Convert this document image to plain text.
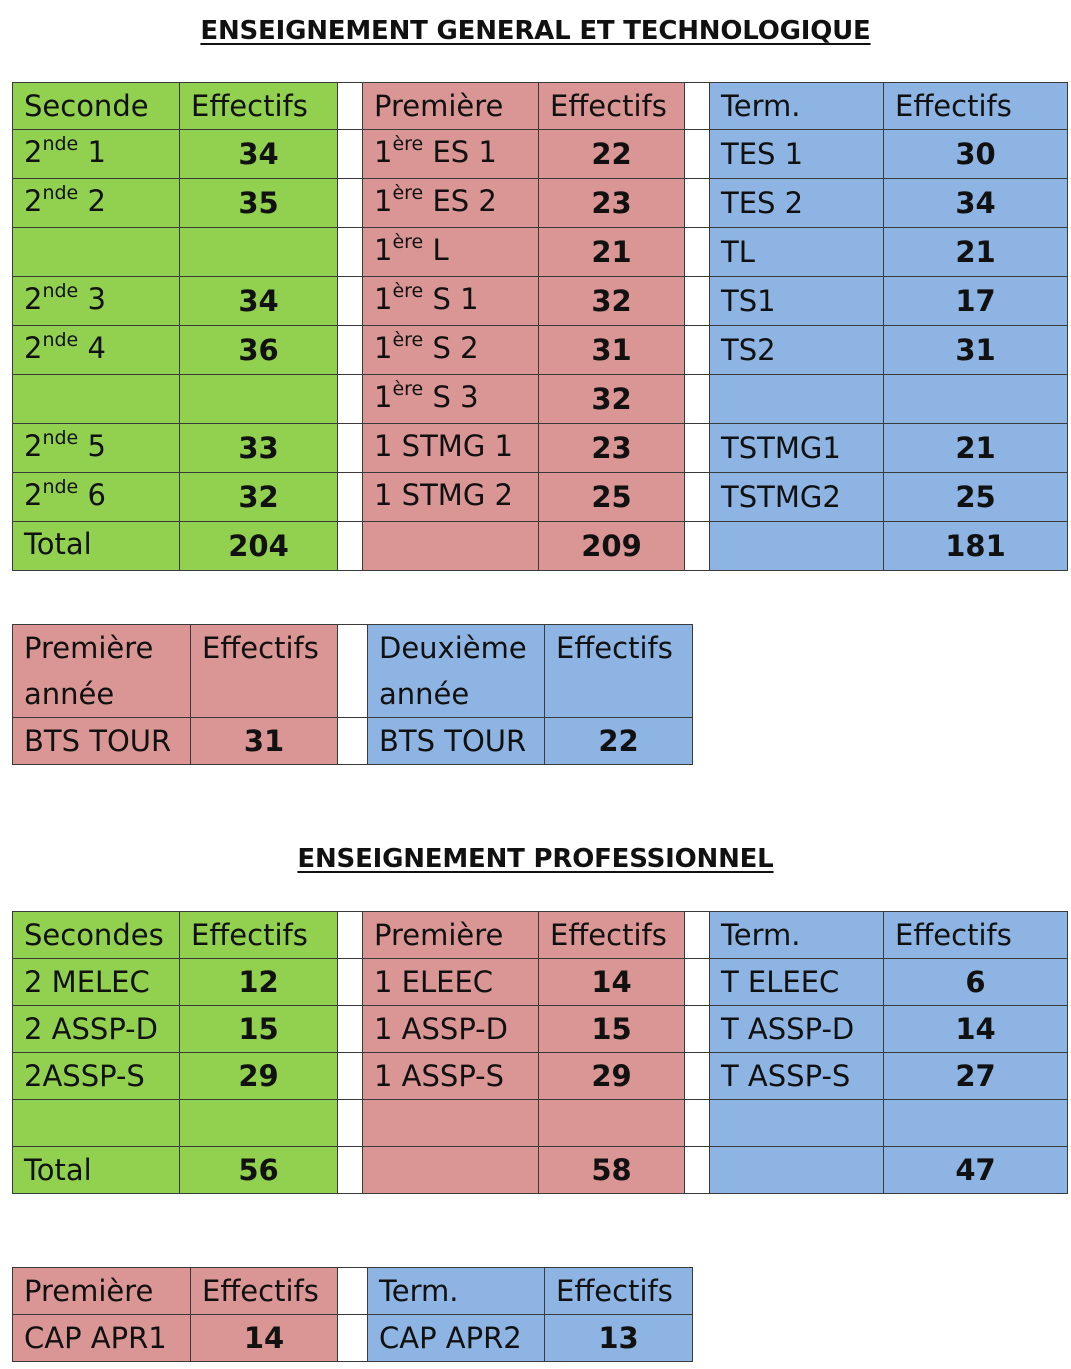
ENSEIGNEMENT GENERAL ET TECHNOLOGIQUE
Seconde	Effectifs		Première	Effectifs		Term.	Effectifs
2nde 1	34		1ère ES 1	22		TES 1	30
2nde 2	35		1ère ES 2	23		TES 2	34
			1ère L	21		TL	21
2nde 3	34		1ère S 1	32		TS1	17
2nde 4	36		1ère S 2	31		TS2	31
			1ère S 3	32			
2nde 5	33		1 STMG 1	23		TSTMG1	21
2nde 6	32		1 STMG 2	25		TSTMG2	25
Total	204			209			181
Première année	Effectifs		Deuxième année	Effectifs
BTS TOUR	31		BTS TOUR	22
ENSEIGNEMENT PROFESSIONNEL
Secondes	Effectifs		Première	Effectifs		Term.	Effectifs
2 MELEC	12		1 ELEEC	14		T ELEEC	6
2 ASSP-D	15		1 ASSP-D	15		T ASSP-D	14
2ASSP-S	29		1 ASSP-S	29		T ASSP-S	27

Total	56			58			47
Première	Effectifs		Term.	Effectifs
CAP APR1	14		CAP APR2	13
